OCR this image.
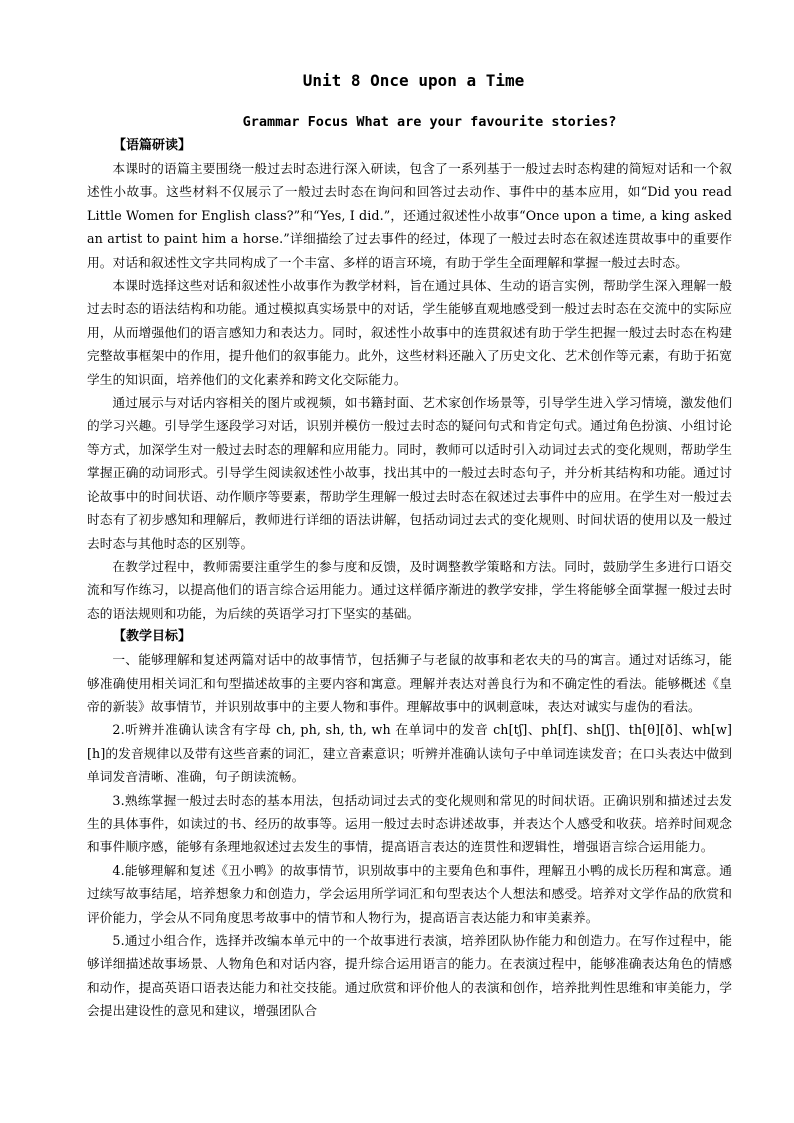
Unit 8 Once upon a Time
Grammar Focus What are your favourite stories?
【语篇研读】

本课时的语篇主要围绕一般过去时态进行深入研读，包含了一系列基于一般过去时态构建的简短对话和一个叙述性小故事。这些材料不仅展示了一般过去时态在询问和回答过去动作、事件中的基本应用，如“Did you read Little Women for English class?”和“Yes, I did.”，还通过叙述性小故事“Once upon a time, a king asked an artist to paint him a horse.”详细描绘了过去事件的经过，体现了一般过去时态在叙述连贯故事中的重要作用。对话和叙述性文字共同构成了一个丰富、多样的语言环境，有助于学生全面理解和掌握一般过去时态。

本课时选择这些对话和叙述性小故事作为教学材料，旨在通过具体、生动的语言实例，帮助学生深入理解一般过去时态的语法结构和功能。通过模拟真实场景中的对话，学生能够直观地感受到一般过去时态在交流中的实际应用，从而增强他们的语言感知力和表达力。同时，叙述性小故事中的连贯叙述有助于学生把握一般过去时态在构建完整故事框架中的作用，提升他们的叙事能力。此外，这些材料还融入了历史文化、艺术创作等元素，有助于拓宽学生的知识面，培养他们的文化素养和跨文化交际能力。

通过展示与对话内容相关的图片或视频，如书籍封面、艺术家创作场景等，引导学生进入学习情境，激发他们的学习兴趣。引导学生逐段学习对话，识别并模仿一般过去时态的疑问句式和肯定句式。通过角色扮演、小组讨论等方式，加深学生对一般过去时态的理解和应用能力。同时，教师可以适时引入动词过去式的变化规则，帮助学生掌握正确的动词形式。引导学生阅读叙述性小故事，找出其中的一般过去时态句子，并分析其结构和功能。通过讨论故事中的时间状语、动作顺序等要素，帮助学生理解一般过去时态在叙述过去事件中的应用。在学生对一般过去时态有了初步感知和理解后，教师进行详细的语法讲解，包括动词过去式的变化规则、时间状语的使用以及一般过去时态与其他时态的区别等。

在教学过程中，教师需要注重学生的参与度和反馈，及时调整教学策略和方法。同时，鼓励学生多进行口语交流和写作练习，以提高他们的语言综合运用能力。通过这样循序渐进的教学安排，学生将能够全面掌握一般过去时态的语法规则和功能，为后续的英语学习打下坚实的基础。

【教学目标】

一、能够理解和复述两篇对话中的故事情节，包括狮子与老鼠的故事和老农夫的马的寓言。通过对话练习，能够准确使用相关词汇和句型描述故事的主要内容和寓意。理解并表达对善良行为和不确定性的看法。能够概述《皇帝的新装》故事情节，并识别故事中的主要人物和事件。理解故事中的讽刺意味，表达对诚实与虚伪的看法。

2.听辨并准确认读含有字母 ch, ph, sh, th, wh 在单词中的发音 ch[tʃ]、ph[f]、sh[ʃ]、th[θ][ð]、wh[w][h]的发音规律以及带有这些音素的词汇，建立音素意识；听辨并准确认读句子中单词连读发音；在口头表达中做到单词发音清晰、准确，句子朗读流畅。

3.熟练掌握一般过去时态的基本用法，包括动词过去式的变化规则和常见的时间状语。正确识别和描述过去发生的具体事件，如读过的书、经历的故事等。运用一般过去时态讲述故事，并表达个人感受和收获。培养时间观念和事件顺序感，能够有条理地叙述过去发生的事情，提高语言表达的连贯性和逻辑性，增强语言综合运用能力。

4.能够理解和复述《丑小鸭》的故事情节，识别故事中的主要角色和事件，理解丑小鸭的成长历程和寓意。通过续写故事结尾，培养想象力和创造力，学会运用所学词汇和句型表达个人想法和感受。培养对文学作品的欣赏和评价能力，学会从不同角度思考故事中的情节和人物行为，提高语言表达能力和审美素养。

5.通过小组合作，选择并改编本单元中的一个故事进行表演，培养团队协作能力和创造力。在写作过程中，能够详细描述故事场景、人物角色和对话内容，提升综合运用语言的能力。在表演过程中，能够准确表达角色的情感和动作，提高英语口语表达能力和社交技能。通过欣赏和评价他人的表演和创作，培养批判性思维和审美能力，学会提出建设性的意见和建议，增强团队合
